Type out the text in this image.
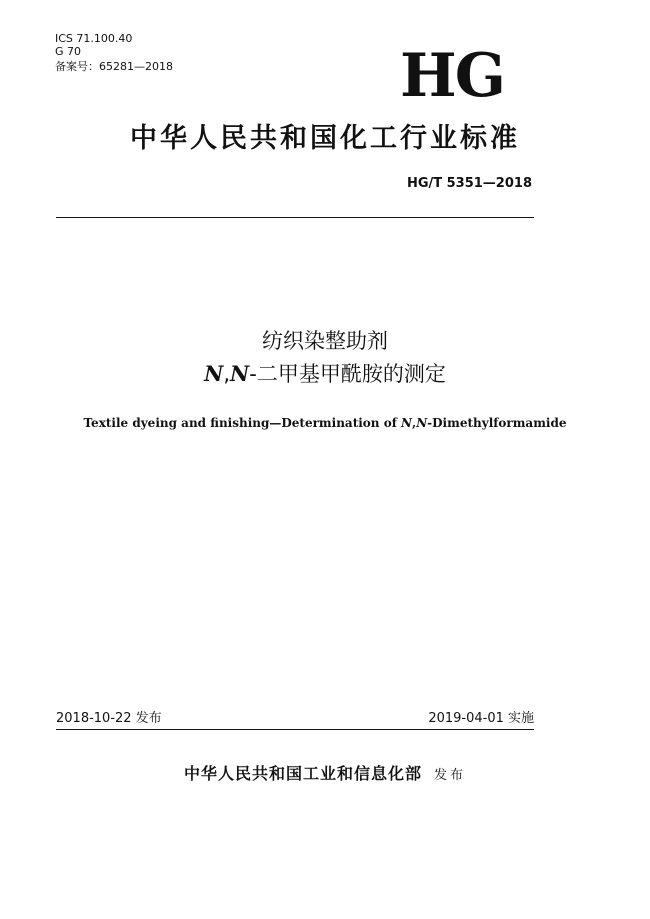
ICS 71.100.40
G 70
备案号：65281—2018	HG
中华人民共和国化工行业标准
HG/T 5351—2018
纺织染整助剂
N,N-二甲基甲酰胺的测定
Textile dyeing and finishing—Determination of N,N-Dimethylformamide
2018-10-22 发布	2019-04-01 实施
中华人民共和国工业和信息化部 发布
